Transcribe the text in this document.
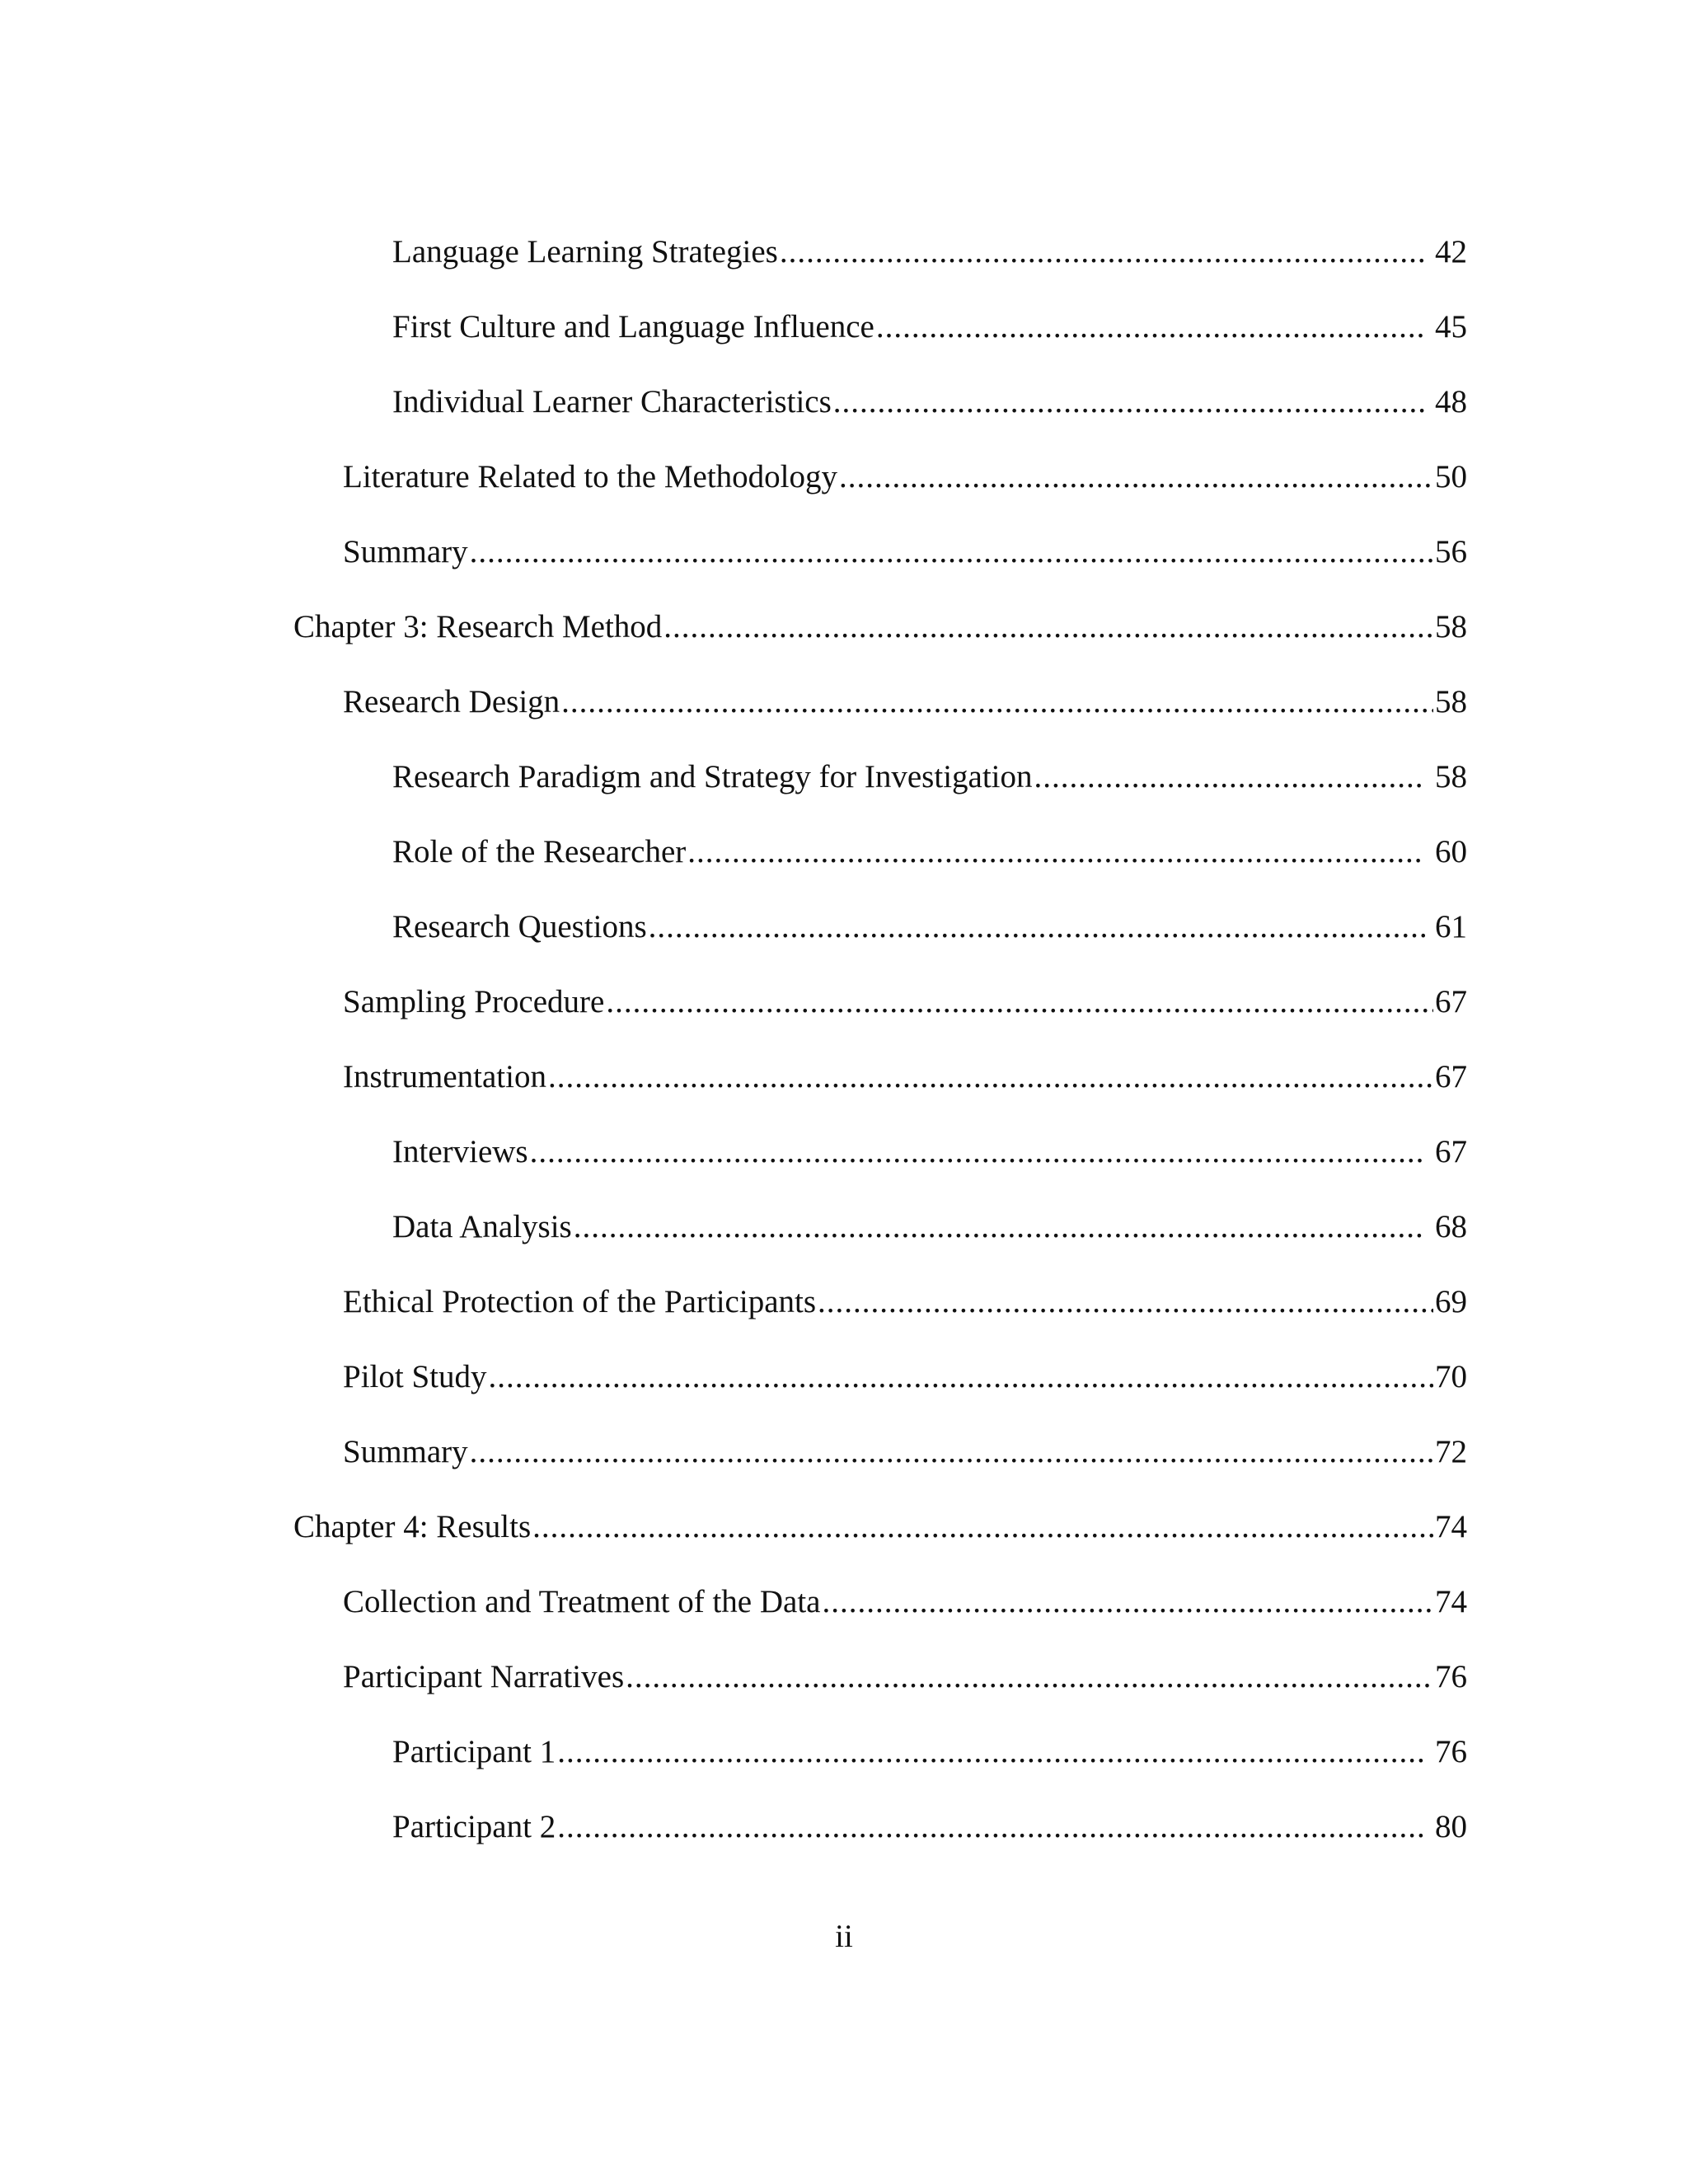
Language Learning Strategies .....	42
First Culture and Language Influence .....	45
Individual Learner Characteristics .....	48
Literature Related to the Methodology .....	50
Summary .....	56
Chapter 3: Research Method .....	58
Research Design .....	58
Research Paradigm and Strategy for Investigation .....	58
Role of the Researcher .....	60
Research Questions .....	61
Sampling Procedure .....	67
Instrumentation .....	67
Interviews .....	67
Data Analysis .....	68
Ethical Protection of the Participants .....	69
Pilot Study .....	70
Summary .....	72
Chapter 4: Results .....	74
Collection and Treatment of the Data .....	74
Participant Narratives .....	76
Participant 1 .....	76
Participant 2 .....	80
ii
